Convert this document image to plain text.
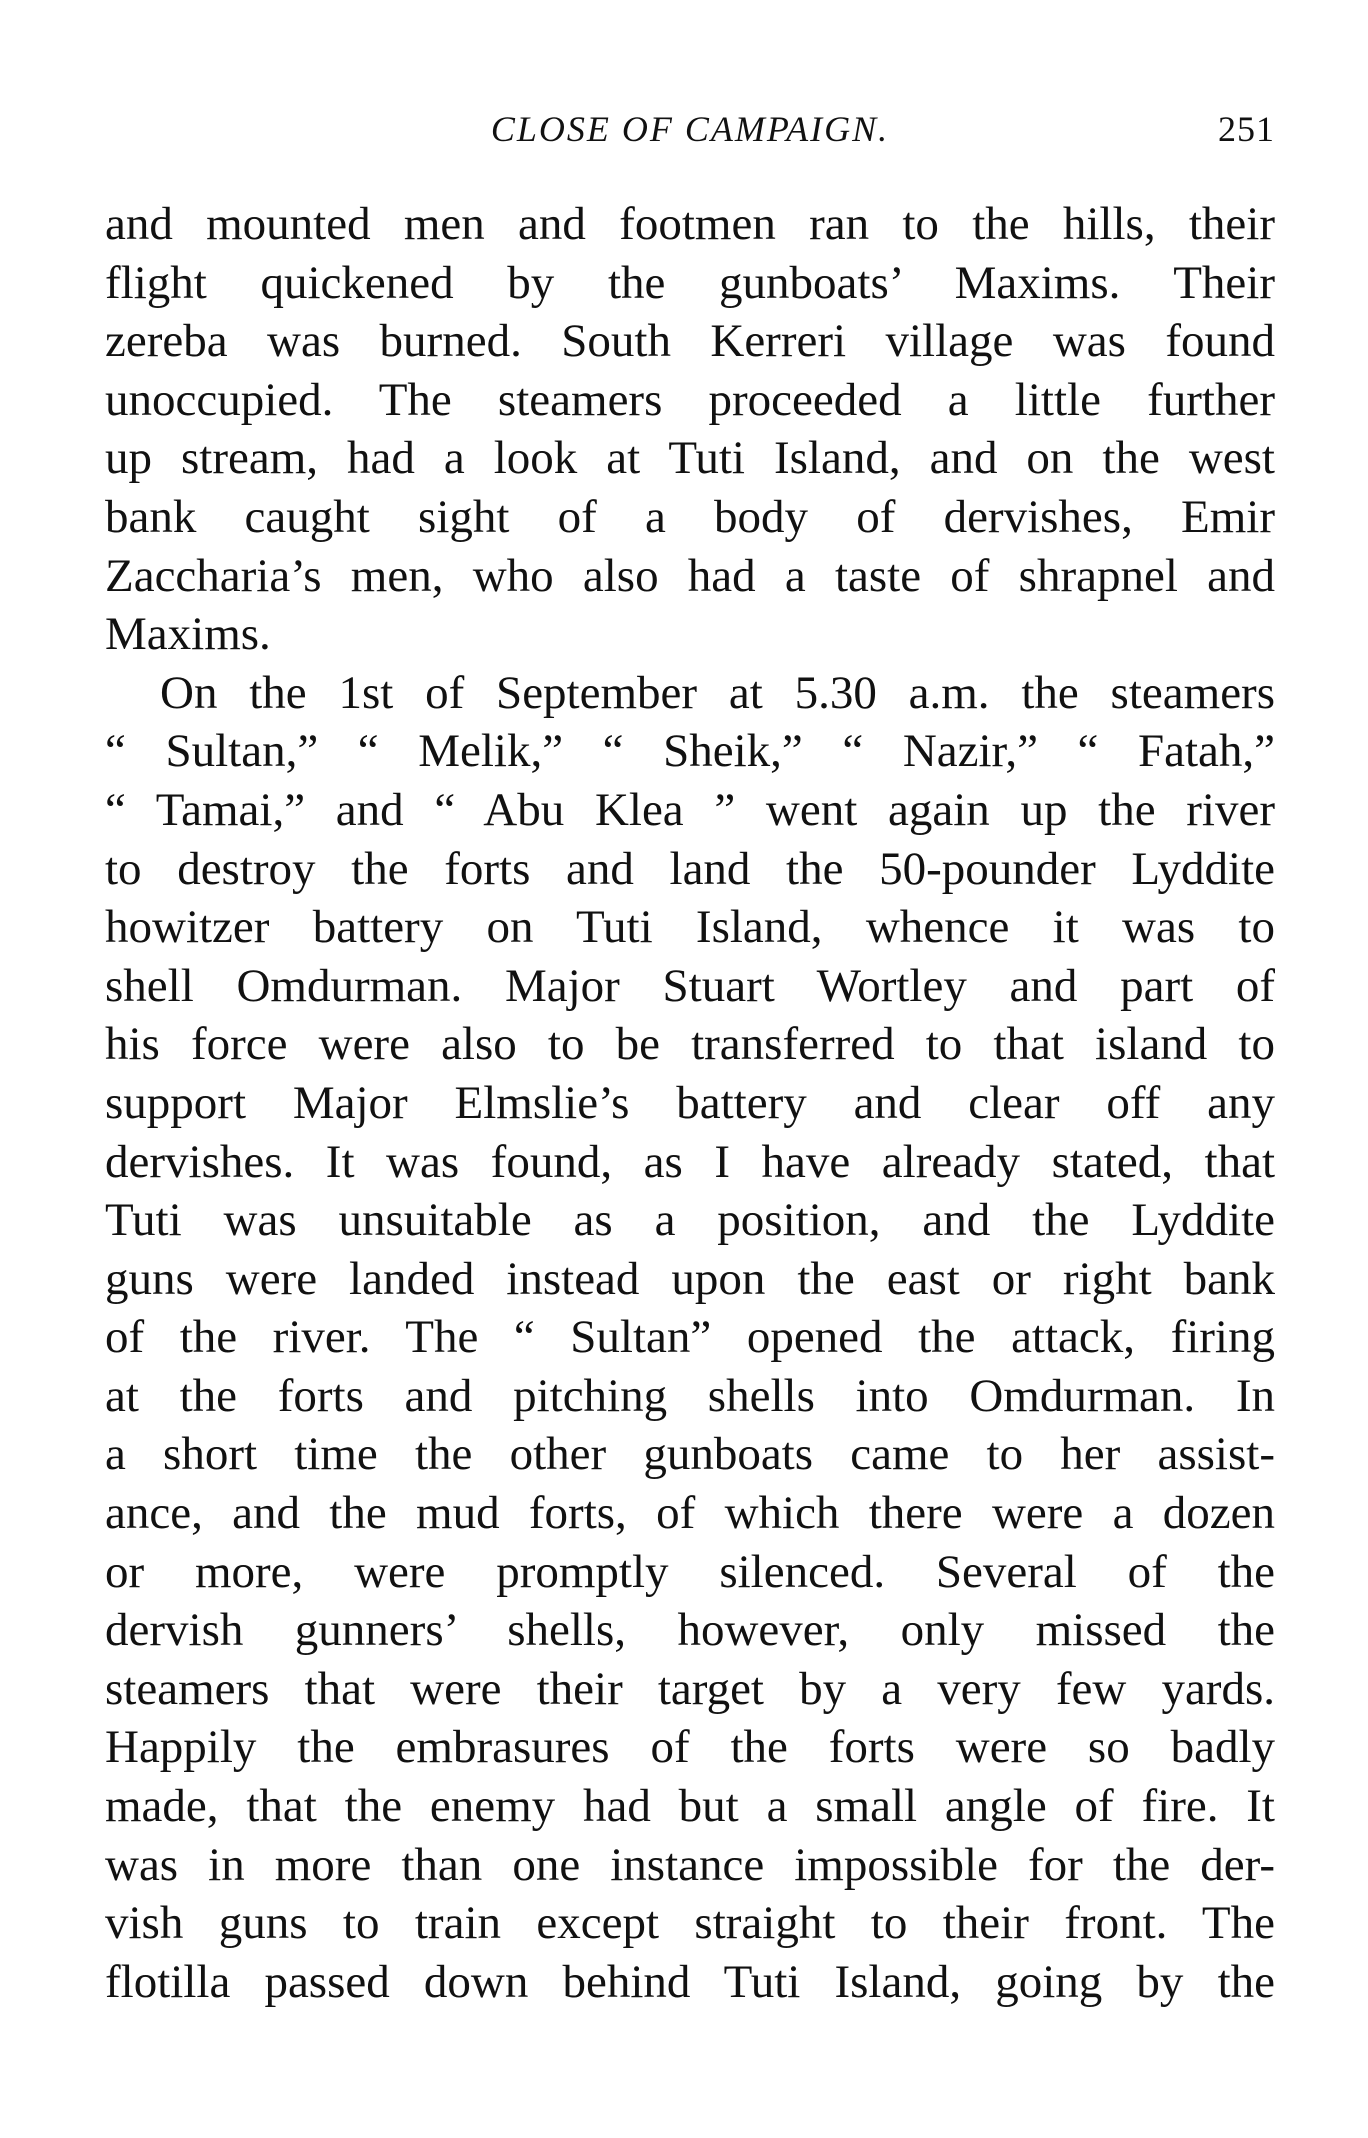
CLOSE OF CAMPAIGN.	251
and mounted men and footmen ran to the hills, their
flight quickened by the gunboats’ Maxims. Their
zereba was burned. South Kerreri village was found
unoccupied. The steamers proceeded a little further
up stream, had a look at Tuti Island, and on the west
bank caught sight of a body of dervishes, Emir
Zaccharia’s men, who also had a taste of shrapnel and
Maxims.
On the 1st of September at 5.30 a.m. the steamers
“ Sultan,” “ Melik,” “ Sheik,” “ Nazir,” “ Fatah,”
“ Tamai,” and “ Abu Klea ” went again up the river
to destroy the forts and land the 50-pounder Lyddite
howitzer battery on Tuti Island, whence it was to
shell Omdurman. Major Stuart Wortley and part of
his force were also to be transferred to that island to
support Major Elmslie’s battery and clear off any
dervishes. It was found, as I have already stated, that
Tuti was unsuitable as a position, and the Lyddite
guns were landed instead upon the east or right bank
of the river. The “ Sultan” opened the attack, firing
at the forts and pitching shells into Omdurman. In
a short time the other gunboats came to her assist-
ance, and the mud forts, of which there were a dozen
or more, were promptly silenced. Several of the
dervish gunners’ shells, however, only missed the
steamers that were their target by a very few yards.
Happily the embrasures of the forts were so badly
made, that the enemy had but a small angle of fire. It
was in more than one instance impossible for the der-
vish guns to train except straight to their front. The
flotilla passed down behind Tuti Island, going by the
